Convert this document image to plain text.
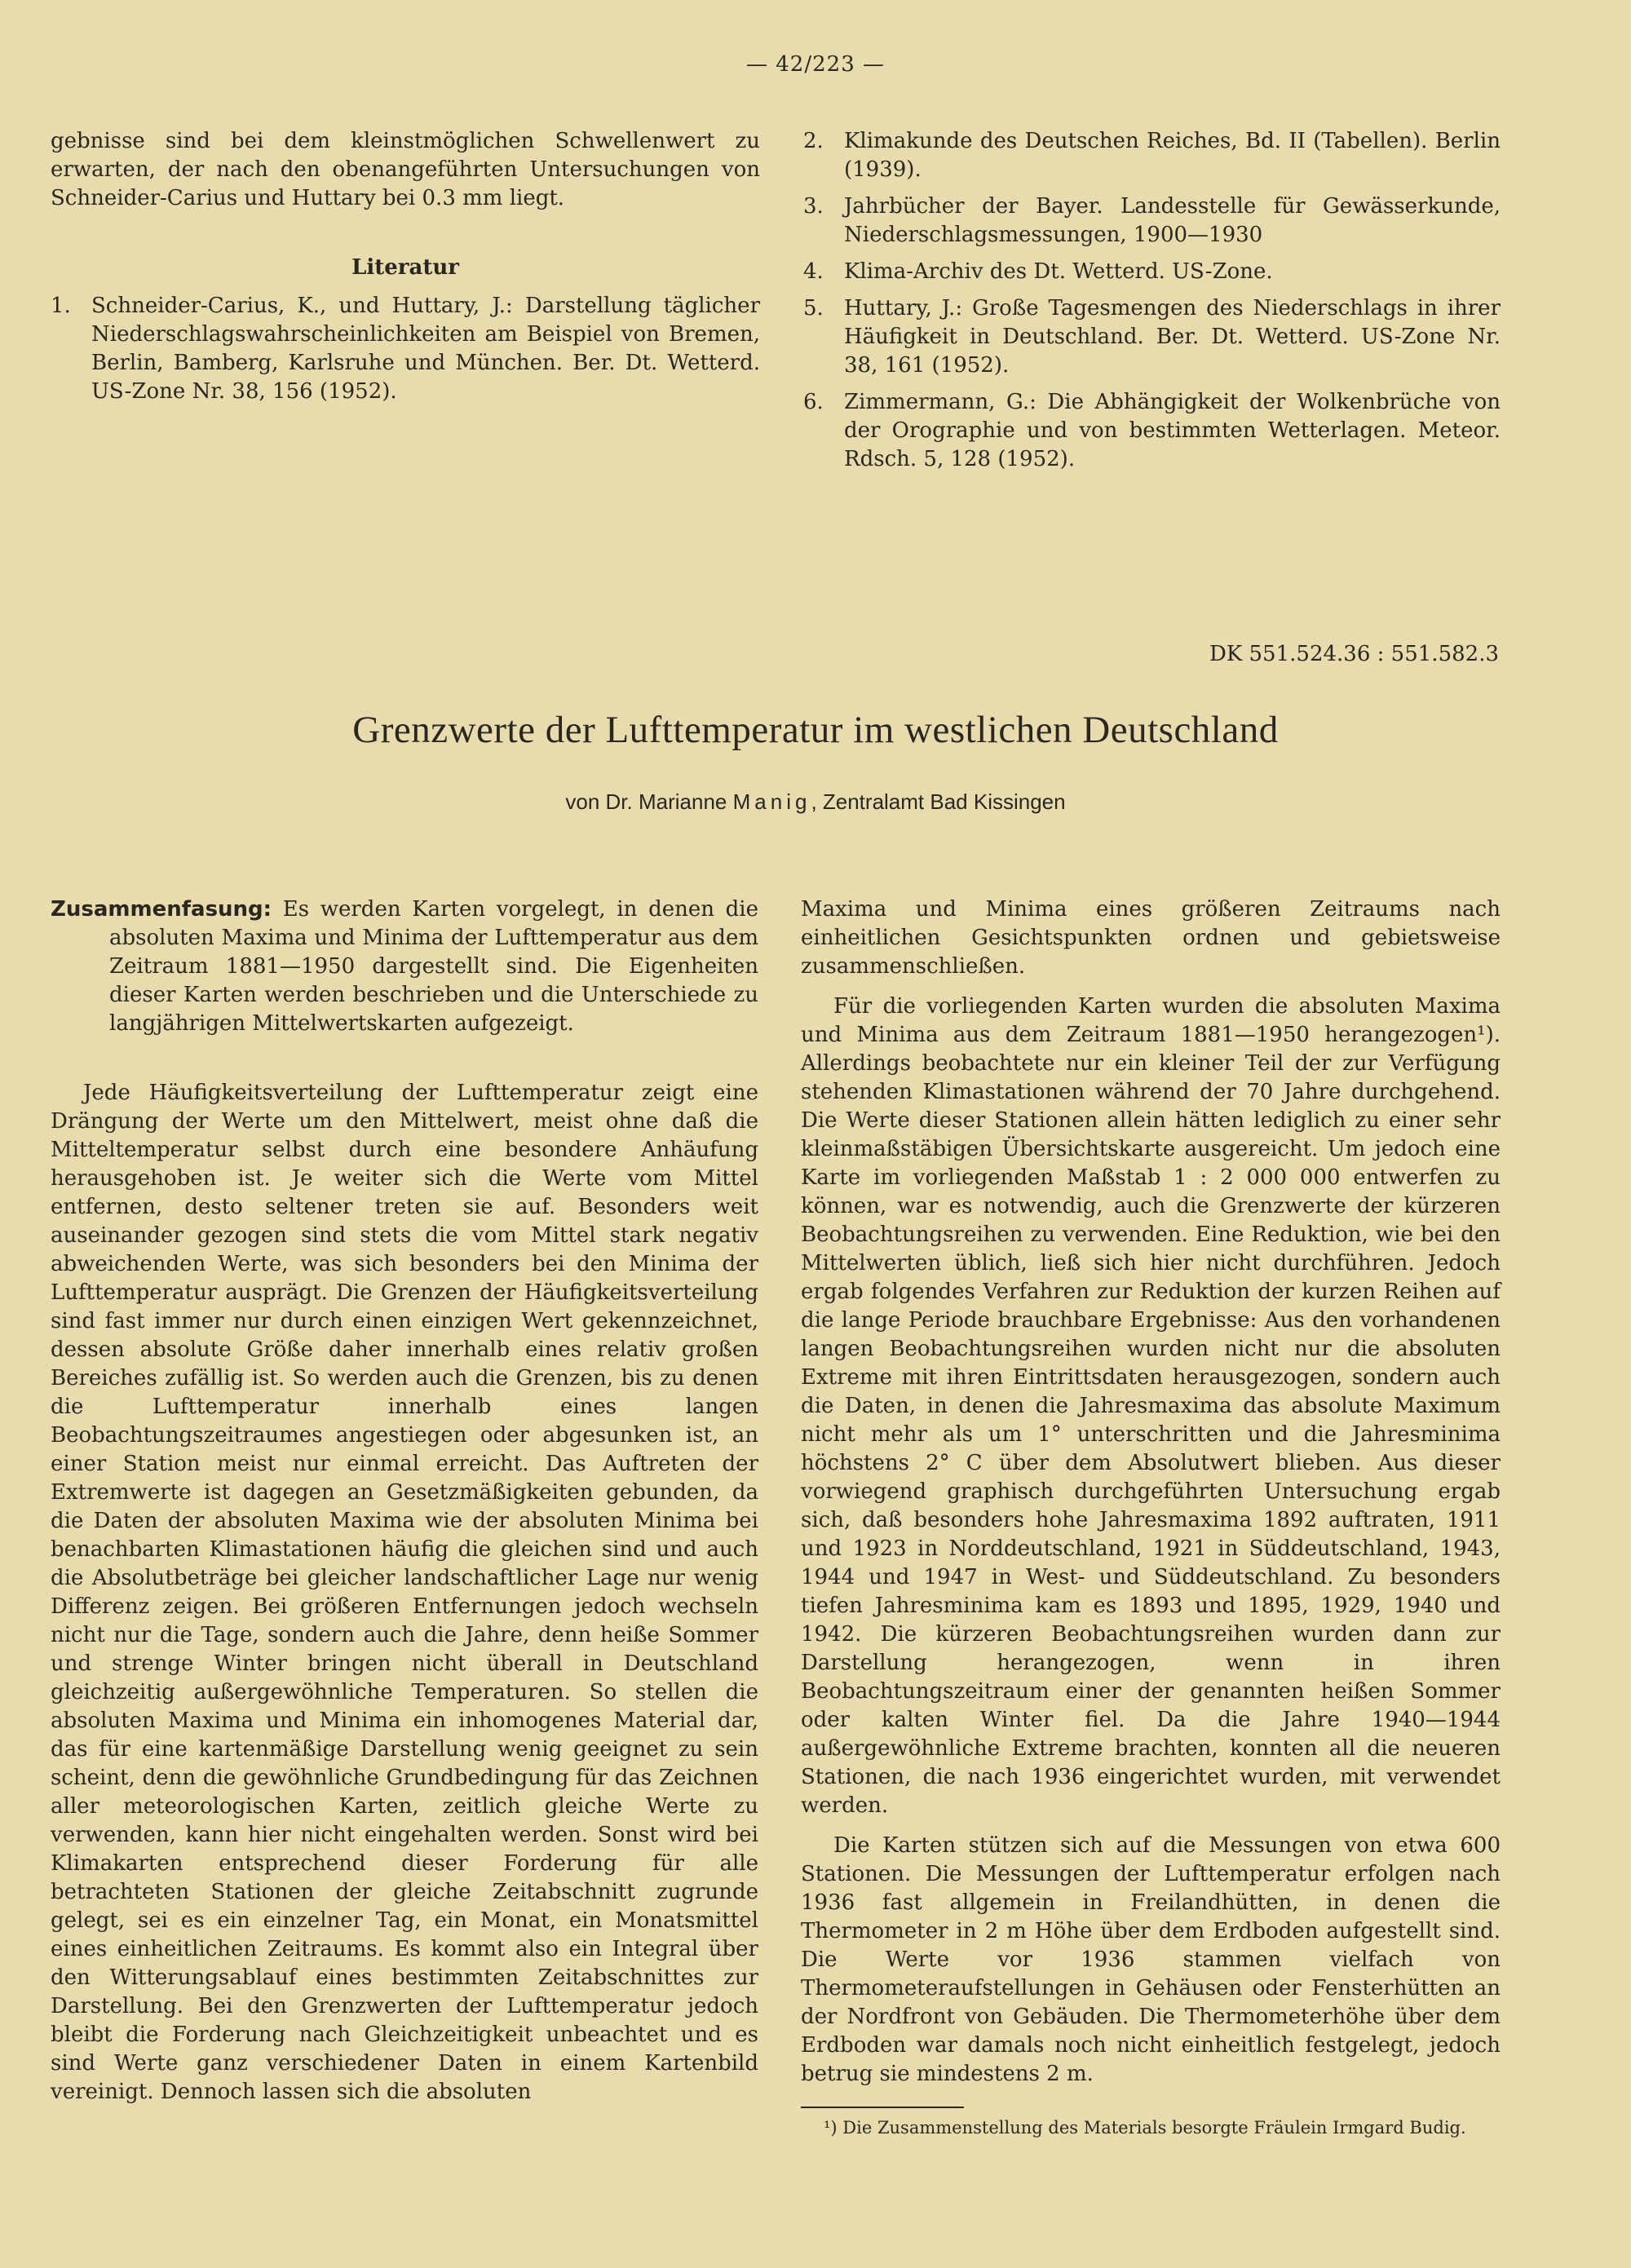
— 42/223 —

gebnisse sind bei dem kleinstmöglichen Schwellenwert zu erwarten, der nach den obenangeführten Untersuchungen von Schneider-Carius und Huttary bei 0.3 mm liegt.

Literatur
1. Schneider-Carius, K., und Huttary, J.: Darstellung täglicher Niederschlagswahrscheinlichkeiten am Beispiel von Bremen, Berlin, Bamberg, Karlsruhe und München. Ber. Dt. Wetterd. US-Zone Nr. 38, 156 (1952).
2. Klimakunde des Deutschen Reiches, Bd. II (Tabellen). Berlin (1939).
3. Jahrbücher der Bayer. Landesstelle für Gewässerkunde, Niederschlagsmessungen, 1900—1930
4. Klima-Archiv des Dt. Wetterd. US-Zone.
5. Huttary, J.: Große Tagesmengen des Niederschlags in ihrer Häufigkeit in Deutschland. Ber. Dt. Wetterd. US-Zone Nr. 38, 161 (1952).
6. Zimmermann, G.: Die Abhängigkeit der Wolkenbrüche von der Orographie und von bestimmten Wetterlagen. Meteor. Rdsch. 5, 128 (1952).
DK 551.524.36 : 551.582.3
Grenzwerte der Lufttemperatur im westlichen Deutschland
von Dr. Marianne Manig, Zentralamt Bad Kissingen

Zusammenfasung: Es werden Karten vorgelegt, in denen die absoluten Maxima und Minima der Lufttemperatur aus dem Zeitraum 1881—1950 dargestellt sind. Die Eigenheiten dieser Karten werden beschrieben und die Unterschiede zu langjährigen Mittelwertskarten aufgezeigt.

Jede Häufigkeitsverteilung der Lufttemperatur zeigt eine Drängung der Werte um den Mittelwert, meist ohne daß die Mitteltemperatur selbst durch eine besondere Anhäufung herausgehoben ist. Je weiter sich die Werte vom Mittel entfernen, desto seltener treten sie auf. Besonders weit auseinander gezogen sind stets die vom Mittel stark negativ abweichenden Werte, was sich besonders bei den Minima der Lufttemperatur ausprägt. Die Grenzen der Häufigkeitsverteilung sind fast immer nur durch einen einzigen Wert gekennzeichnet, dessen absolute Größe daher innerhalb eines relativ großen Bereiches zufällig ist. So werden auch die Grenzen, bis zu denen die Lufttemperatur innerhalb eines langen Beobachtungszeitraumes angestiegen oder abgesunken ist, an einer Station meist nur einmal erreicht. Das Auftreten der Extremwerte ist dagegen an Gesetzmäßigkeiten gebunden, da die Daten der absoluten Maxima wie der absoluten Minima bei benachbarten Klimastationen häufig die gleichen sind und auch die Absolutbeträge bei gleicher landschaftlicher Lage nur wenig Differenz zeigen. Bei größeren Entfernungen jedoch wechseln nicht nur die Tage, sondern auch die Jahre, denn heiße Sommer und strenge Winter bringen nicht überall in Deutschland gleichzeitig außergewöhnliche Temperaturen. So stellen die absoluten Maxima und Minima ein inhomogenes Material dar, das für eine kartenmäßige Darstellung wenig geeignet zu sein scheint, denn die gewöhnliche Grundbedingung für das Zeichnen aller meteorologischen Karten, zeitlich gleiche Werte zu verwenden, kann hier nicht eingehalten werden. Sonst wird bei Klimakarten entsprechend dieser Forderung für alle betrachteten Stationen der gleiche Zeitabschnitt zugrunde gelegt, sei es ein einzelner Tag, ein Monat, ein Monatsmittel eines einheitlichen Zeitraums. Es kommt also ein Integral über den Witterungsablauf eines bestimmten Zeitabschnittes zur Darstellung. Bei den Grenzwerten der Lufttemperatur jedoch bleibt die Forderung nach Gleichzeitigkeit unbeachtet und es sind Werte ganz verschiedener Daten in einem Kartenbild vereinigt. Dennoch lassen sich die absoluten

Maxima und Minima eines größeren Zeitraums nach einheitlichen Gesichtspunkten ordnen und gebietsweise zusammenschließen.

Für die vorliegenden Karten wurden die absoluten Maxima und Minima aus dem Zeitraum 1881—1950 herangezogen¹). Allerdings beobachtete nur ein kleiner Teil der zur Verfügung stehenden Klimastationen während der 70 Jahre durchgehend. Die Werte dieser Stationen allein hätten lediglich zu einer sehr kleinmaßstäbigen Übersichtskarte ausgereicht. Um jedoch eine Karte im vorliegenden Maßstab 1 : 2 000 000 entwerfen zu können, war es notwendig, auch die Grenzwerte der kürzeren Beobachtungsreihen zu verwenden. Eine Reduktion, wie bei den Mittelwerten üblich, ließ sich hier nicht durchführen. Jedoch ergab folgendes Verfahren zur Reduktion der kurzen Reihen auf die lange Periode brauchbare Ergebnisse: Aus den vorhandenen langen Beobachtungsreihen wurden nicht nur die absoluten Extreme mit ihren Eintrittsdaten herausgezogen, sondern auch die Daten, in denen die Jahresmaxima das absolute Maximum nicht mehr als um 1° unterschritten und die Jahresminima höchstens 2° C über dem Absolutwert blieben. Aus dieser vorwiegend graphisch durchgeführten Untersuchung ergab sich, daß besonders hohe Jahresmaxima 1892 auftraten, 1911 und 1923 in Norddeutschland, 1921 in Süddeutschland, 1943, 1944 und 1947 in West- und Süddeutschland. Zu besonders tiefen Jahresminima kam es 1893 und 1895, 1929, 1940 und 1942. Die kürzeren Beobachtungsreihen wurden dann zur Darstellung herangezogen, wenn in ihren Beobachtungszeitraum einer der genannten heißen Sommer oder kalten Winter fiel. Da die Jahre 1940—1944 außergewöhnliche Extreme brachten, konnten all die neueren Stationen, die nach 1936 eingerichtet wurden, mit verwendet werden.

Die Karten stützen sich auf die Messungen von etwa 600 Stationen. Die Messungen der Lufttemperatur erfolgen nach 1936 fast allgemein in Freilandhütten, in denen die Thermometer in 2 m Höhe über dem Erdboden aufgestellt sind. Die Werte vor 1936 stammen vielfach von Thermometeraufstellungen in Gehäusen oder Fensterhütten an der Nordfront von Gebäuden. Die Thermometerhöhe über dem Erdboden war damals noch nicht einheitlich festgelegt, jedoch betrug sie mindestens 2 m.

¹) Die Zusammenstellung des Materials besorgte Fräulein Irmgard Budig.
